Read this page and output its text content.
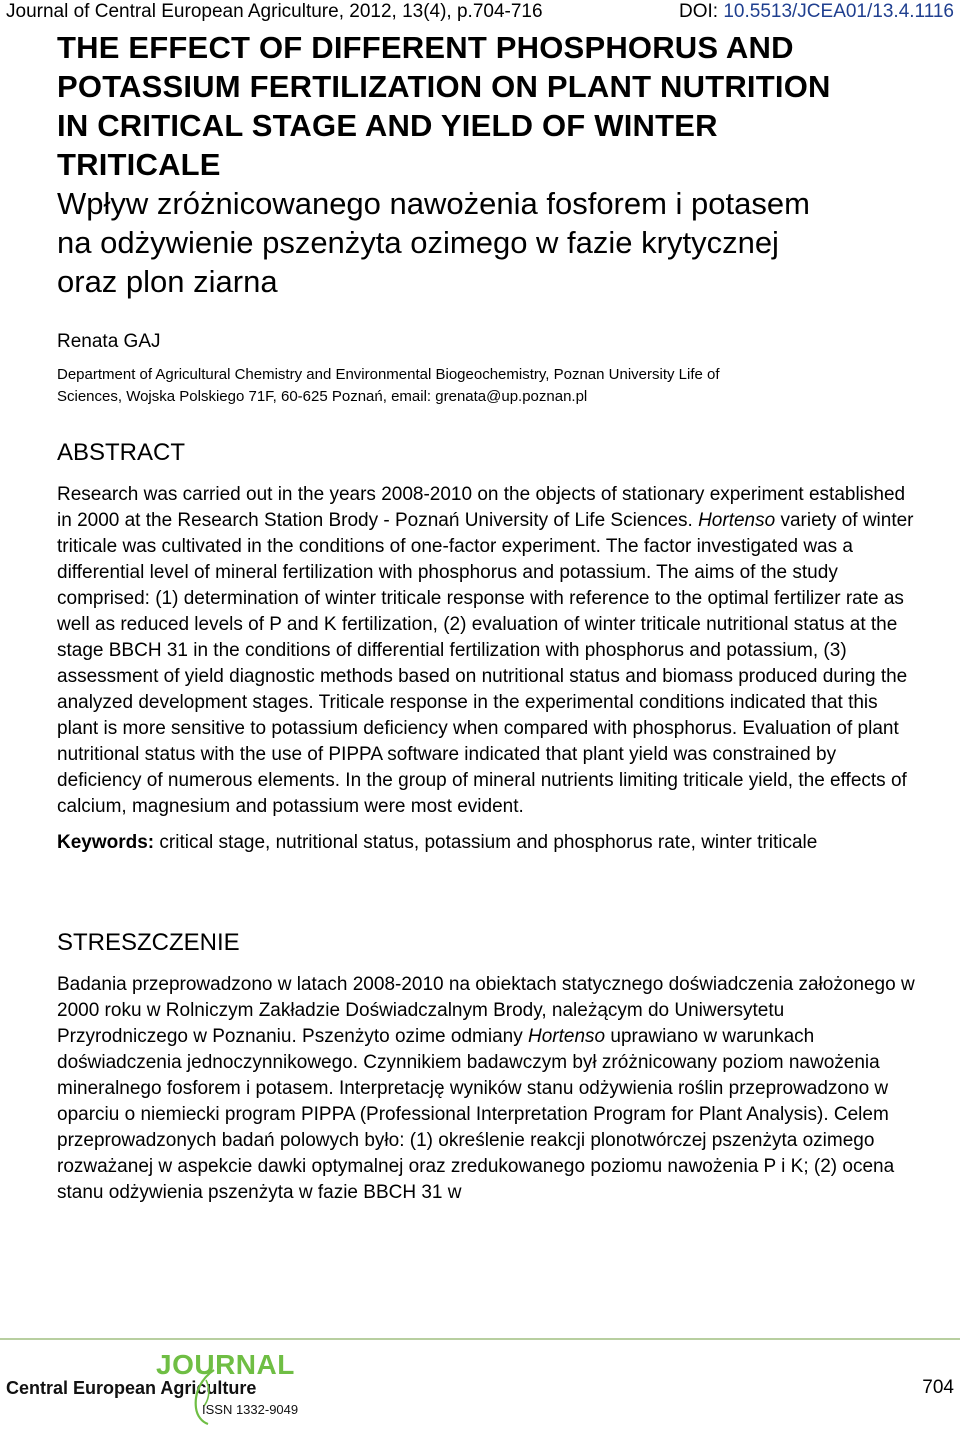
Journal of Central European Agriculture, 2012, 13(4), p.704-716	DOI: 10.5513/JCEA01/13.4.1116
THE EFFECT OF DIFFERENT PHOSPHORUS AND
POTASSIUM FERTILIZATION ON PLANT NUTRITION
IN CRITICAL STAGE AND YIELD OF WINTER
TRITICALE
Wpływ zróżnicowanego nawożenia fosforem i potasem
na odżywienie pszenżyta ozimego w fazie krytycznej
oraz plon ziarna
Renata GAJ
Department of Agricultural Chemistry and Environmental Biogeochemistry, Poznan University Life of
Sciences, Wojska Polskiego 71F, 60-625 Poznań, email: grenata@up.poznan.pl
ABSTRACT

Research was carried out in the years 2008-2010 on the objects of stationary experiment established in 2000 at the Research Station Brody - Poznań University of Life Sciences. Hortenso variety of winter triticale was cultivated in the conditions of one-factor experiment. The factor investigated was a differential level of mineral fertilization with phosphorus and potassium. The aims of the study comprised: (1) determination of winter triticale response with reference to the optimal fertilizer rate as well as reduced levels of P and K fertilization, (2) evaluation of winter triticale nutritional status at the stage BBCH 31 in the conditions of differential fertilization with phosphorus and potassium, (3) assessment of yield diagnostic methods based on nutritional status and biomass produced during the analyzed development stages. Triticale response in the experimental conditions indicated that this plant is more sensitive to potassium deficiency when compared with phosphorus. Evaluation of plant nutritional status with the use of PIPPA software indicated that plant yield was constrained by deficiency of numerous elements. In the group of mineral nutrients limiting triticale yield, the effects of calcium, magnesium and potassium were most evident.

Keywords: critical stage, nutritional status, potassium and phosphorus rate, winter triticale

STRESZCZENIE

Badania przeprowadzono w latach 2008-2010 na obiektach statycznego doświadczenia założonego w 2000 roku w Rolniczym Zakładzie Doświadczalnym Brody, należącym do Uniwersytetu Przyrodniczego w Poznaniu. Pszenżyto ozime odmiany Hortenso uprawiano w warunkach doświadczenia jednoczynnikowego. Czynnikiem badawczym był zróżnicowany poziom nawożenia mineralnego fosforem i potasem. Interpretację wyników stanu odżywienia roślin przeprowadzono w oparciu o niemiecki program PIPPA (Professional Interpretation Program for Plant Analysis). Celem przeprowadzonych badań polowych było: (1) określenie reakcji plonotwórczej pszenżyta ozimego rozważanej w aspekcie dawki optymalnej oraz zredukowanego poziomu nawożenia P i K; (2) ocena stanu odżywienia pszenżyta w fazie BBCH 31 w

JOURNAL
Central European Agriculture
ISSN 1332-9049
704
